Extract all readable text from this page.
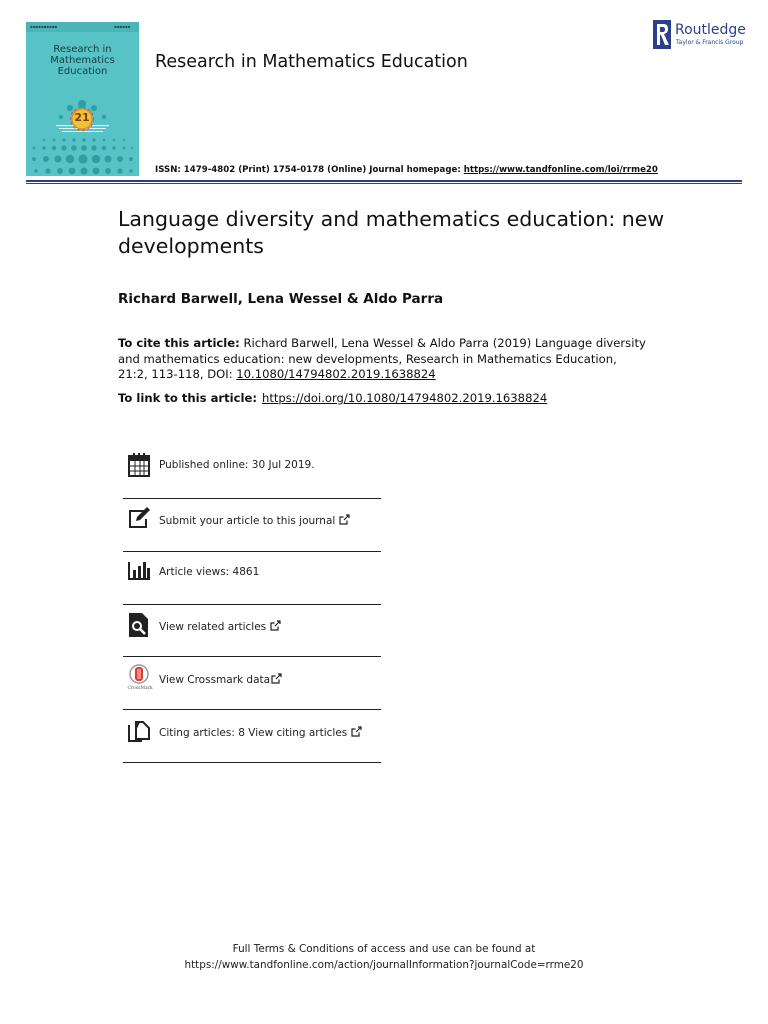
▪▪▪▪▪▪▪▪▪▪	▪▪▪▪▪▪
Research in
Mathematics
Education
21
Research in Mathematics Education
ISSN: 1479-4802 (Print) 1754-0178 (Online) Journal homepage: https://www.tandfonline.com/loi/rrme20
Routledge
Taylor & Francis Group
Language diversity and mathematics education: new developments
Richard Barwell, Lena Wessel & Aldo Parra
To cite this article: Richard Barwell, Lena Wessel & Aldo Parra (2019) Language diversity and mathematics education: new developments, Research in Mathematics Education, 21:2, 113-118, DOI: 10.1080/14794802.2019.1638824
To link to this article: https://doi.org/10.1080/14794802.2019.1638824
Published online: 30 Jul 2019.
Submit your article to this journal
Article views: 4861
View related articles
CrossMark
View Crossmark data
Citing articles: 8 View citing articles
Full Terms & Conditions of access and use can be found at
https://www.tandfonline.com/action/journalInformation?journalCode=rrme20
